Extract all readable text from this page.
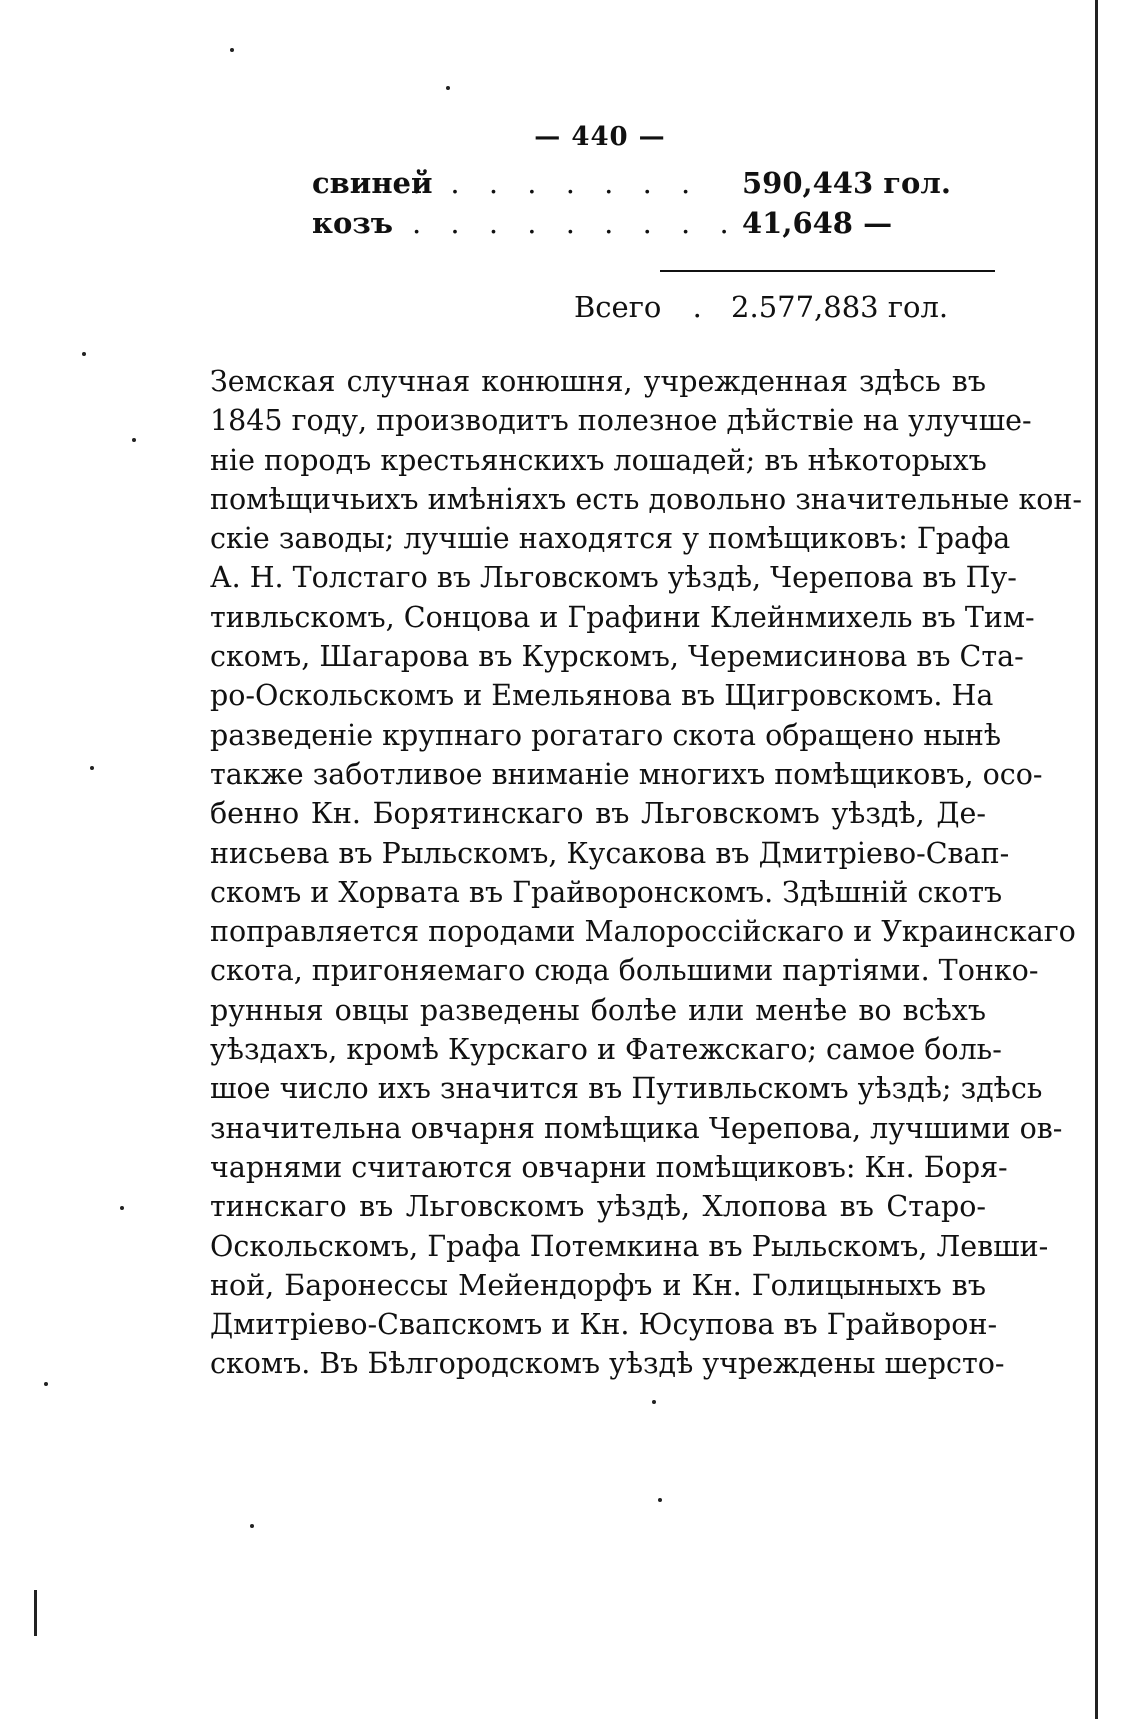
— 440 —
свиней
. . . . . . . . 590,443 гол.
козъ . . . . . . . . . 41,648 —
Всего . 2.577,883 гол.
Земская случная конюшня, учрежденная здѣсь въ
1845 году, производитъ полезное дѣйствіе на улучше-
ніе породъ крестьянскихъ лошадей; въ нѣкоторыхъ
помѣщичьихъ имѣніяхъ есть довольно значительные кон-
скіе заводы; лучшіе находятся у помѣщиковъ: Графа
А. Н. Толстаго въ Льговскомъ уѣздѣ, Черепова въ Пу-
тивльскомъ, Сонцова и Графини Клейнмихель въ Тим-
скомъ, Шагарова въ Курскомъ, Черемисинова въ Ста-
ро-Оскольскомъ и Емельянова въ Щигровскомъ. На
разведеніе крупнаго рогатаго скота обращено нынѣ
также заботливое вниманіе многихъ помѣщиковъ, осо-
бенно Кн. Борятинскаго въ Льговскомъ уѣздѣ, Де-
нисьева въ Рыльскомъ, Кусакова въ Дмитріево-Свап-
скомъ и Хорвата въ Грайворонскомъ. Здѣшній скотъ
поправляется породами Малороссійскаго и Украинскаго
скота, пригоняемаго сюда большими партіями. Тонко-
рунныя овцы разведены болѣе или менѣе во всѣхъ
уѣздахъ, кромѣ Курскаго и Фатежскаго; самое боль-
шое число ихъ значится въ Путивльскомъ уѣздѣ; здѣсь
значительна овчарня помѣщика Черепова, лучшими ов-
чарнями считаются овчарни помѣщиковъ: Кн. Боря-
тинскаго въ Льговскомъ уѣздѣ, Хлопова въ Старо-
Оскольскомъ, Графа Потемкина въ Рыльскомъ, Левши-
ной, Баронессы Мейендорфъ и Кн. Голицыныхъ въ
Дмитріево-Свапскомъ и Кн. Юсупова въ Грайворон-
скомъ. Въ Бѣлгородскомъ уѣздѣ учреждены шерсто-
